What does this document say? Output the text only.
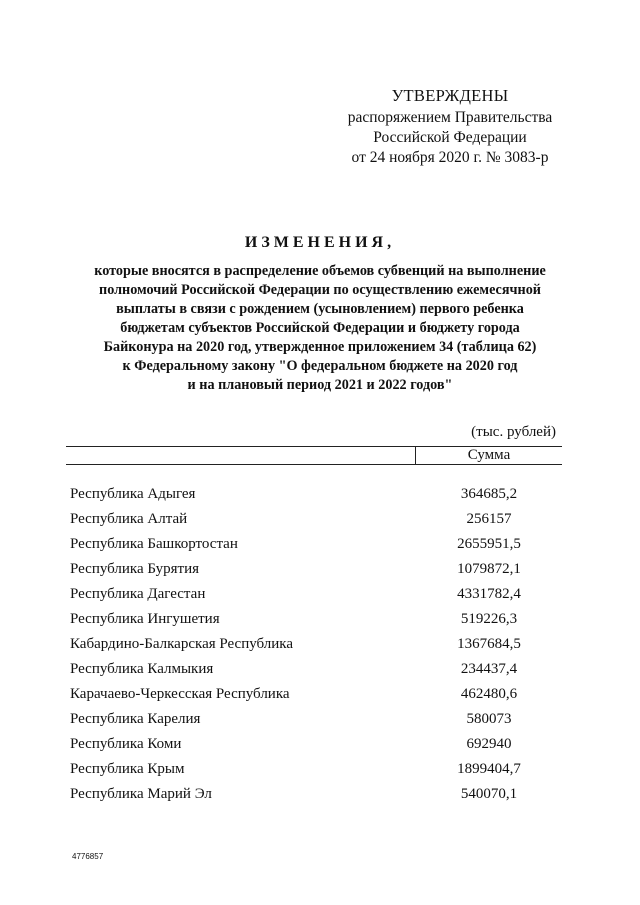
УТВЕРЖДЕНЫ
распоряжением Правительства
Российской Федерации
от 24 ноября 2020 г. № 3083-р
ИЗМЕНЕНИЯ,
которые вносятся в распределение объемов субвенций на выполнение
полномочий Российской Федерации по осуществлению ежемесячной
выплаты в связи с рождением (усыновлением) первого ребенка
бюджетам субъектов Российской Федерации и бюджету города
Байконура на 2020 год, утвержденное приложением 34 (таблица 62)
к Федеральному закону "О федеральном бюджете на 2020 год
и на плановый период 2021 и 2022 годов"
(тыс. рублей)
Сумма
Республика Адыгея	364685,2
Республика Алтай	256157
Республика Башкортостан	2655951,5
Республика Бурятия	1079872,1
Республика Дагестан	4331782,4
Республика Ингушетия	519226,3
Кабардино-Балкарская Республика	1367684,5
Республика Калмыкия	234437,4
Карачаево-Черкесская Республика	462480,6
Республика Карелия	580073
Республика Коми	692940
Республика Крым	1899404,7
Республика Марий Эл	540070,1
4776857
